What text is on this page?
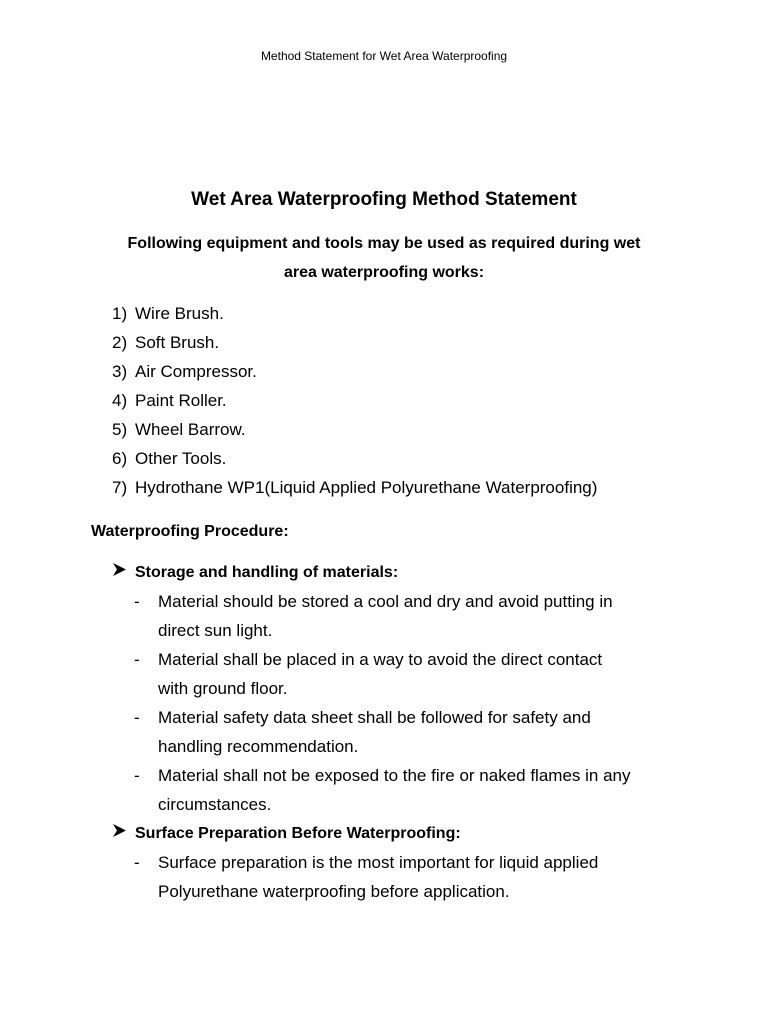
Method Statement for Wet Area Waterproofing
Wet Area Waterproofing Method Statement
Following equipment and tools may be used as required during wet
area waterproofing works:
1) Wire Brush.
2) Soft Brush.
3) Air Compressor.
4) Paint Roller.
5) Wheel Barrow.
6) Other Tools.
7) Hydrothane WP1(Liquid Applied Polyurethane Waterproofing)
Waterproofing Procedure:
Storage and handling of materials:
-	Material should be stored a cool and dry and avoid putting in
direct sun light.
-	Material shall be placed in a way to avoid the direct contact
with ground floor.
-	Material safety data sheet shall be followed for safety and
handling recommendation.
-	Material shall not be exposed to the fire or naked flames in any
circumstances.
Surface Preparation Before Waterproofing:
-	Surface preparation is the most important for liquid applied
Polyurethane waterproofing before application.
